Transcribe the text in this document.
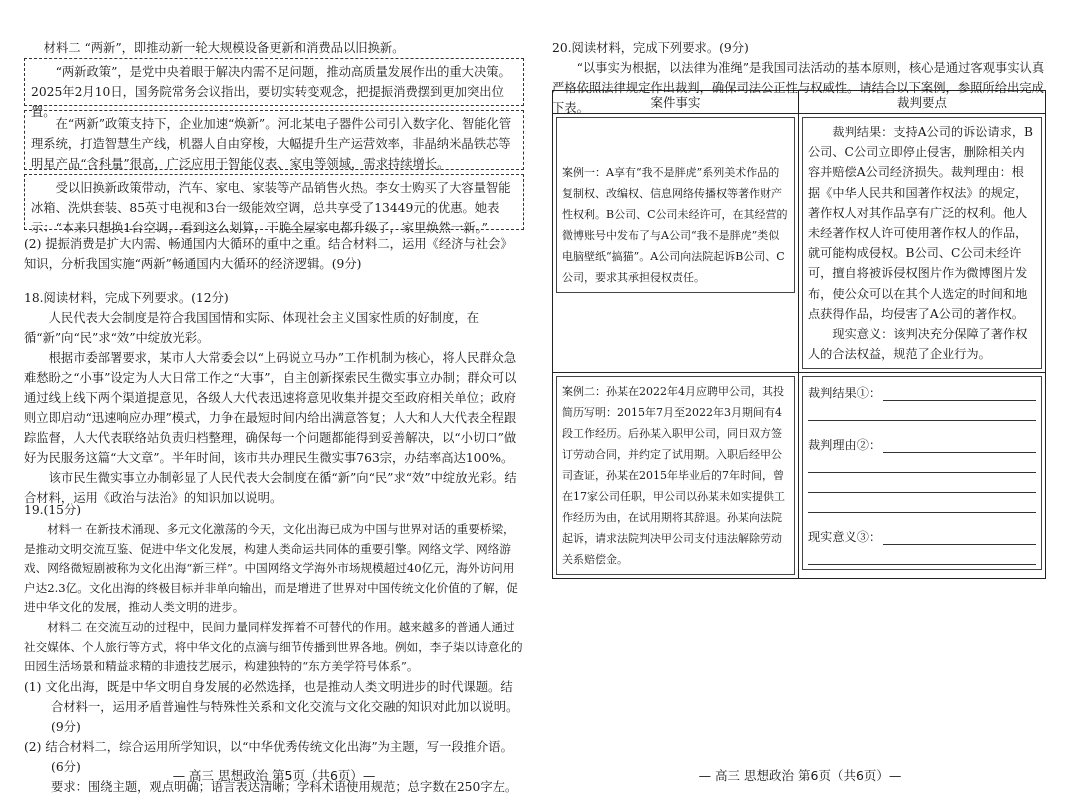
材料二 “两新”，即推动新一轮大规模设备更新和消费品以旧换新。

“两新政策”，是党中央着眼于解决内需不足问题，推动高质量发展作出的重大决策。2025年2月10日，国务院常务会议指出，要切实转变观念，把提振消费摆到更加突出位置。

在“两新”政策支持下，企业加速“焕新”。河北某电子器件公司引入数字化、智能化管理系统，打造智慧生产线，机器人自由穿梭，大幅提升生产运营效率，非晶纳米晶铁芯等明星产品“含科量”很高，广泛应用于智能仪表、家电等领域，需求持续增长。

受以旧换新政策带动，汽车、家电、家装等产品销售火热。李女士购买了大容量智能冰箱、洗烘套装、85英寸电视和3台一级能效空调，总共享受了13449元的优惠。她表示：“本来只想换1台空调，看到这么划算，干脆全屋家电都升级了，家里焕然一新。”

(2) 提振消费是扩大内需、畅通国内大循环的重中之重。结合材料二，运用《经济与社会》知识，分析我国实施“两新”畅通国内大循环的经济逻辑。(9分)

18.阅读材料，完成下列要求。(12分)

人民代表大会制度是符合我国国情和实际、体现社会主义国家性质的好制度，在循“新”向“民”求“效”中绽放光彩。

根据市委部署要求，某市人大常委会以“上码说立马办”工作机制为核心，将人民群众急难愁盼之“小事”设定为人大日常工作之“大事”，自主创新探索民生微实事立办制；群众可以通过线上线下两个渠道提意见，各级人大代表迅速将意见收集并提交至政府相关单位；政府则立即启动“迅速响应办理”模式，力争在最短时间内给出满意答复；人大和人大代表全程跟踪监督，人大代表联络站负责归档整理，确保每一个问题都能得到妥善解决，以“小切口”做好为民服务这篇“大文章”。半年时间，该市共办理民生微实事763宗，办结率高达100%。

该市民生微实事立办制彰显了人民代表大会制度在循“新”向“民”求“效”中绽放光彩。结合材料，运用《政治与法治》的知识加以说明。

19.(15分)

材料一 在新技术涌现、多元文化激荡的今天，文化出海已成为中国与世界对话的重要桥梁，是推动文明交流互鉴、促进中华文化发展，构建人类命运共同体的重要引擎。网络文学、网络游戏、网络微短剧被称为文化出海“新三样”。中国网络文学海外市场规模超过40亿元，海外访问用户达2.3亿。文化出海的终极目标并非单向输出，而是增进了世界对中国传统文化价值的了解，促进中华文化的发展，推动人类文明的进步。

材料二 在交流互动的过程中，民间力量同样发挥着不可替代的作用。越来越多的普通人通过社交媒体、个人旅行等方式，将中华文化的点滴与细节传播到世界各地。例如，李子柒以诗意化的田园生活场景和精益求精的非遗技艺展示，构建独特的“东方美学符号体系”。

(1) 文化出海，既是中华文明自身发展的必然选择，也是推动人类文明进步的时代课题。结合材料一，运用矛盾普遍性与特殊性关系和文化交流与文化交融的知识对此加以说明。(9分)

(2) 结合材料二，综合运用所学知识，以“中华优秀传统文化出海”为主题，写一段推介语。(6分)

要求：围绕主题，观点明确；语言表达清晰；学科术语使用规范；总字数在250字左。

— 高三 思想政治 第5页（共6页）—

20.阅读材料，完成下列要求。(9分)

“以事实为根据，以法律为准绳”是我国司法活动的基本原则，核心是通过客观事实认真严格依照法律规定作出裁判，确保司法公正性与权威性。请结合以下案例，参照所给出完成下表。	案件事实	裁判要点

案例一：A享有“我不是胖虎”系列美术作品的复制权、改编权、信息网络传播权等著作财产性权利。B公司、C公司未经许可，在其经营的微博账号中发布了与A公司“我不是胖虎”类似电脑壁纸“搞猫”。A公司向法院起诉B公司、C公司，要求其承担侵权责任。	裁判结果：支持A公司的诉讼请求，B公司、C公司立即停止侵害，删除相关内容并赔偿A公司经济损失。裁判理由：根据《中华人民共和国著作权法》的规定，著作权人对其作品享有广泛的权利。他人未经著作权人许可使用著作权人的作品，就可能构成侵权。B公司、C公司未经许可，擅自将被诉侵权图片作为微博图片发布，使公众可以在其个人选定的时间和地点获得作品，均侵害了A公司的著作权。

现实意义：该判决充分保障了著作权人的合法权益，规范了企业行为。

案例二：孙某在2022年4月应聘甲公司，其投简历写明：2015年7月至2022年3月期间有4段工作经历。后孙某入职甲公司，同日双方签订劳动合同，并约定了试用期。入职后经甲公司查证，孙某在2015年毕业后的7年时间，曾在17家公司任职，甲公司以孙某未如实提供工作经历为由，在试用期将其辞退。孙某向法院起诉，请求法院判决甲公司支付违法解除劳动关系赔偿金。	裁判结果①：
裁判理由②：
现实意义③：
— 高三 思想政治 第6页（共6页）—
